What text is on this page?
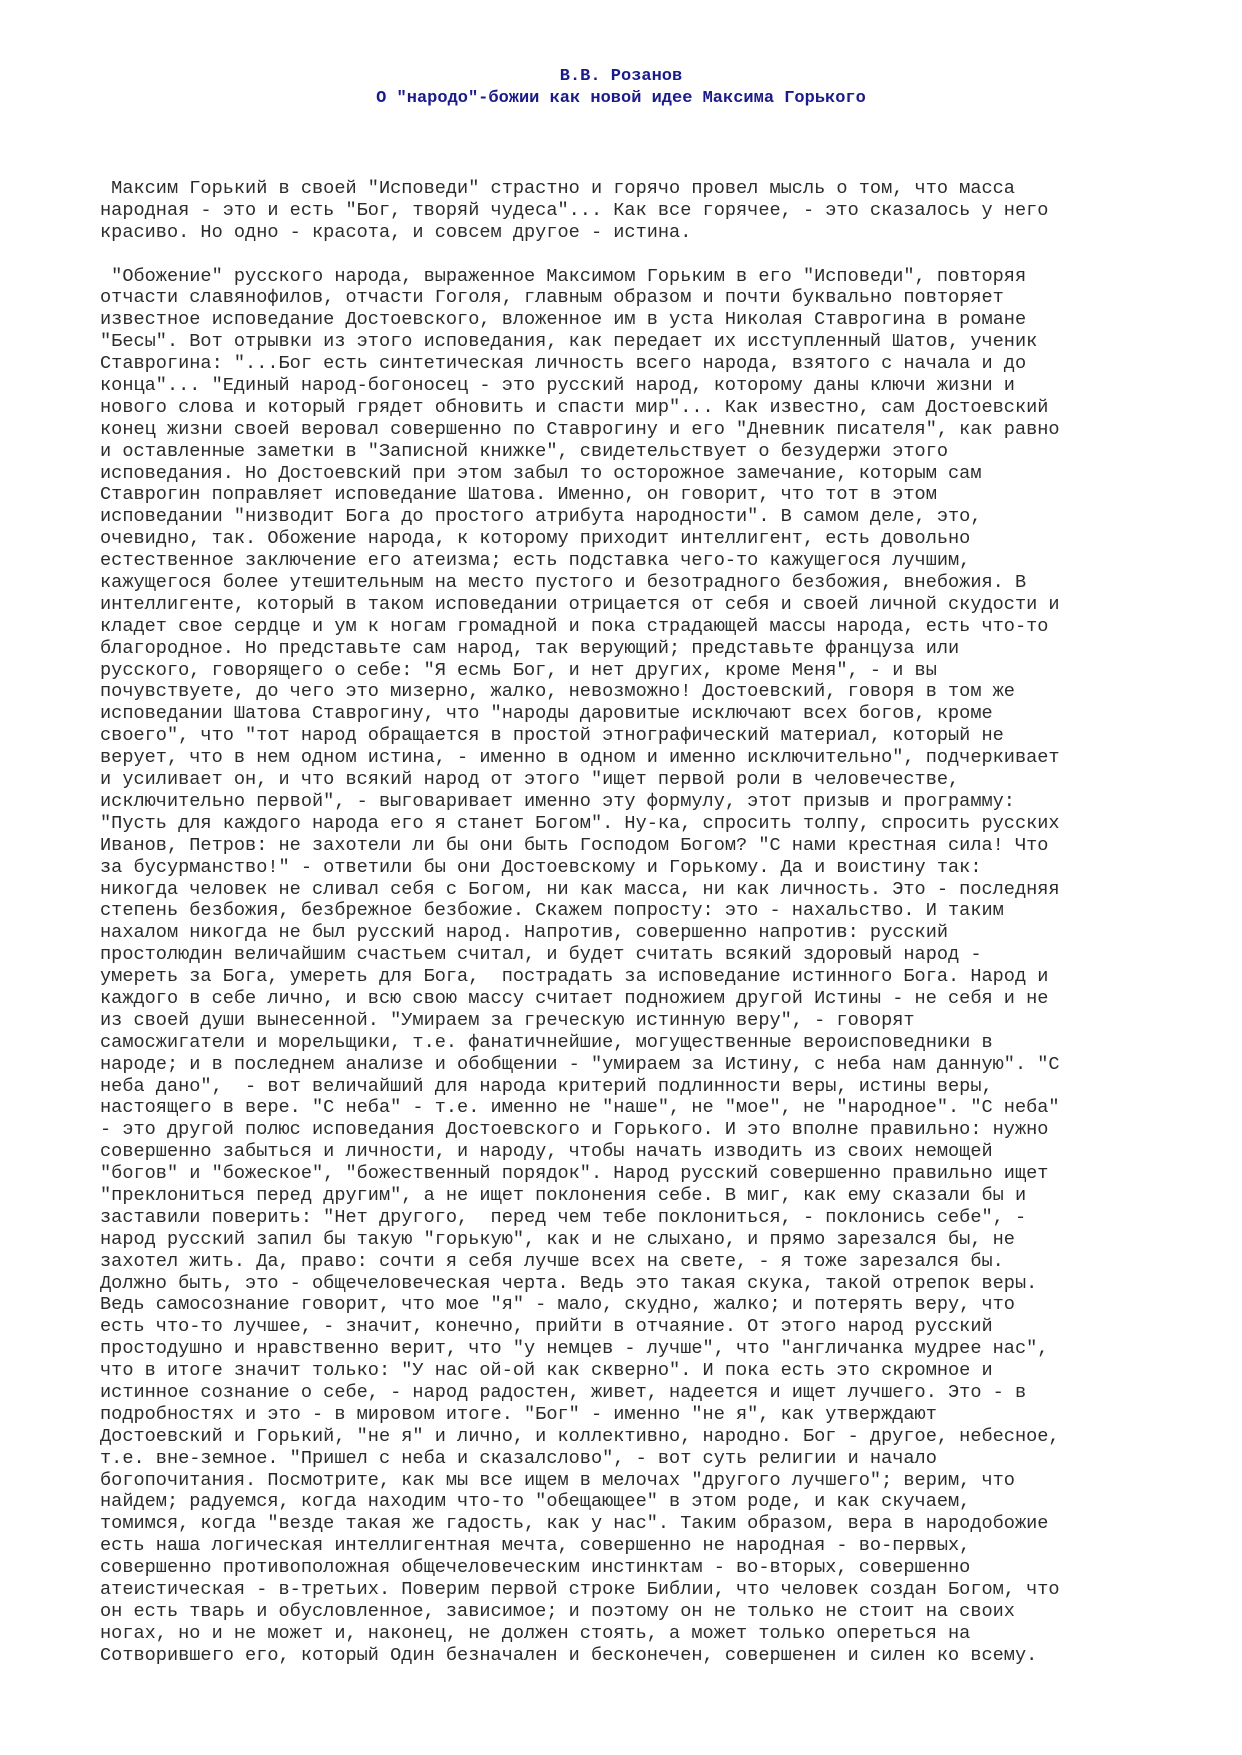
В.В. Розанов
О "народо"-божии как новой идее Максима Горького
Максим Горький в своей "Исповеди" страстно и горячо провел мысль о том, что масса
народная - это и есть "Бог, творяй чудеса"... Как все горячее, - это сказалось у него
красиво. Но одно - красота, и совсем другое - истина.
"Обожение" русского народа, выраженное Максимом Горьким в его "Исповеди", повторяя
отчасти славянофилов, отчасти Гоголя, главным образом и почти буквально повторяет
известное исповедание Достоевского, вложенное им в уста Николая Ставрогина в романе
"Бесы". Вот отрывки из этого исповедания, как передает их исступленный Шатов, ученик
Ставрогина: "...Бог есть синтетическая личность всего народа, взятого с начала и до
конца"... "Единый народ-богоносец - это русский народ, которому даны ключи жизни и
нового слова и который грядет обновить и спасти мир"... Как известно, сам Достоевский
конец жизни своей веровал совершенно по Ставрогину и его "Дневник писателя", как равно
и оставленные заметки в "Записной книжке", свидетельствует о безудержи этого
исповедания. Но Достоевский при этом забыл то осторожное замечание, которым сам
Ставрогин поправляет исповедание Шатова. Именно, он говорит, что тот в этом
исповедании "низводит Бога до простого атрибута народности". В самом деле, это,
очевидно, так. Обожение народа, к которому приходит интеллигент, есть довольно
естественное заключение его атеизма; есть подставка чего-то кажущегося лучшим,
кажущегося более утешительным на место пустого и безотрадного безбожия, внебожия. В
интеллигенте, который в таком исповедании отрицается от себя и своей личной скудости и
кладет свое сердце и ум к ногам громадной и пока страдающей массы народа, есть что-то
благородное. Но представьте сам народ, так верующий; представьте француза или
русского, говорящего о себе: "Я есмь Бог, и нет других, кроме Меня", - и вы
почувствуете, до чего это мизерно, жалко, невозможно! Достоевский, говоря в том же
исповедании Шатова Ставрогину, что "народы даровитые исключают всех богов, кроме
своего", что "тот народ обращается в простой этнографический материал, который не
верует, что в нем одном истина, - именно в одном и именно исключительно", подчеркивает
и усиливает он, и что всякий народ от этого "ищет первой роли в человечестве,
исключительно первой", - выговаривает именно эту формулу, этот призыв и программу:
"Пусть для каждого народа его я станет Богом". Ну-ка, спросить толпу, спросить русских
Иванов, Петров: не захотели ли бы они быть Господом Богом? "С нами крестная сила! Что
за бусурманство!" - ответили бы они Достоевскому и Горькому. Да и воистину так:
никогда человек не сливал себя с Богом, ни как масса, ни как личность. Это - последняя
степень безбожия, безбрежное безбожие. Скажем попросту: это - нахальство. И таким
нахалом никогда не был русский народ. Напротив, совершенно напротив: русский
простолюдин величайшим счастьем считал, и будет считать всякий здоровый народ -
умереть за Бога, умереть для Бога,  пострадать за исповедание истинного Бога. Народ и
каждого в себе лично, и всю свою массу считает подножием другой Истины - не себя и не
из своей души вынесенной. "Умираем за греческую истинную веру", - говорят
самосжигатели и морельщики, т.е. фанатичнейшие, могущественные вероисповедники в
народе; и в последнем анализе и обобщении - "умираем за Истину, с неба нам данную". "С
неба дано",  - вот величайший для народа критерий подлинности веры, истины веры,
настоящего в вере. "С неба" - т.е. именно не "наше", не "мое", не "народное". "С неба"
- это другой полюс исповедания Достоевского и Горького. И это вполне правильно: нужно
совершенно забыться и личности, и народу, чтобы начать изводить из своих немощей
"богов" и "божеское", "божественный порядок". Народ русский совершенно правильно ищет
"преклониться перед другим", а не ищет поклонения себе. В миг, как ему сказали бы и
заставили поверить: "Нет другого,  перед чем тебе поклониться, - поклонись себе", -
народ русский запил бы такую "горькую", как и не слыхано, и прямо зарезался бы, не
захотел жить. Да, право: сочти я себя лучше всех на свете, - я тоже зарезался бы.
Должно быть, это - общечеловеческая черта. Ведь это такая скука, такой отрепок веры.
Ведь самосознание говорит, что мое "я" - мало, скудно, жалко; и потерять веру, что
есть что-то лучшее, - значит, конечно, прийти в отчаяние. От этого народ русский
простодушно и нравственно верит, что "у немцев - лучше", что "англичанка мудрее нас",
что в итоге значит только: "У нас ой-ой как скверно". И пока есть это скромное и
истинное сознание о себе, - народ радостен, живет, надеется и ищет лучшего. Это - в
подробностях и это - в мировом итоге. "Бог" - именно "не я", как утверждают
Достоевский и Горький, "не я" и лично, и коллективно, народно. Бог - другое, небесное,
т.е. вне-земное. "Пришел с неба и сказалслово", - вот суть религии и начало
богопочитания. Посмотрите, как мы все ищем в мелочах "другого лучшего"; верим, что
найдем; радуемся, когда находим что-то "обещающее" в этом роде, и как скучаем,
томимся, когда "везде такая же гадость, как у нас". Таким образом, вера в народобожие
есть наша логическая интеллигентная мечта, совершенно не народная - во-первых,
совершенно противоположная общечеловеческим инстинктам - во-вторых, совершенно
атеистическая - в-третьих. Поверим первой строке Библии, что человек создан Богом, что
он есть тварь и обусловленное, зависимое; и поэтому он не только не стоит на своих
ногах, но и не может и, наконец, не должен стоять, а может только опереться на
Сотворившего его, который Один безначален и бесконечен, совершенен и силен ко всему.
